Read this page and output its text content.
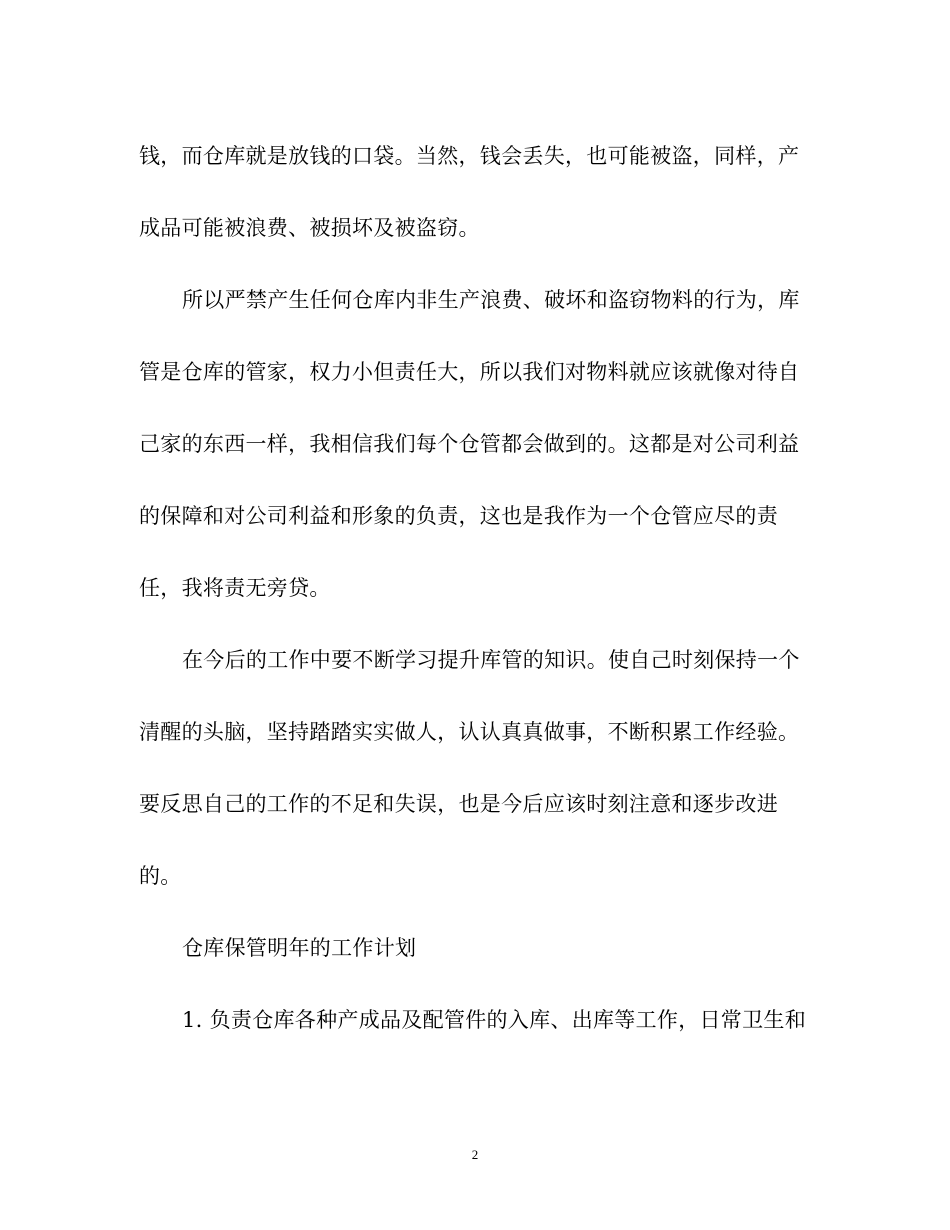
钱，而仓库就是放钱的口袋。当然，钱会丢失，也可能被盗，同样，产
成品可能被浪费、被损坏及被盗窃。
所以严禁产生任何仓库内非生产浪费、破坏和盗窃物料的行为，库
管是仓库的管家，权力小但责任大，所以我们对物料就应该就像对待自
己家的东西一样，我相信我们每个仓管都会做到的。这都是对公司利益
的保障和对公司利益和形象的负责，这也是我作为一个仓管应尽的责
任，我将责无旁贷。
在今后的工作中要不断学习提升库管的知识。使自己时刻保持一个
清醒的头脑，坚持踏踏实实做人，认认真真做事，不断积累工作经验。
要反思自己的工作的不足和失误，也是今后应该时刻注意和逐步改进
的。
仓库保管明年的工作计划
1. 负责仓库各种产成品及配管件的入库、出库等工作，日常卫生和
2
